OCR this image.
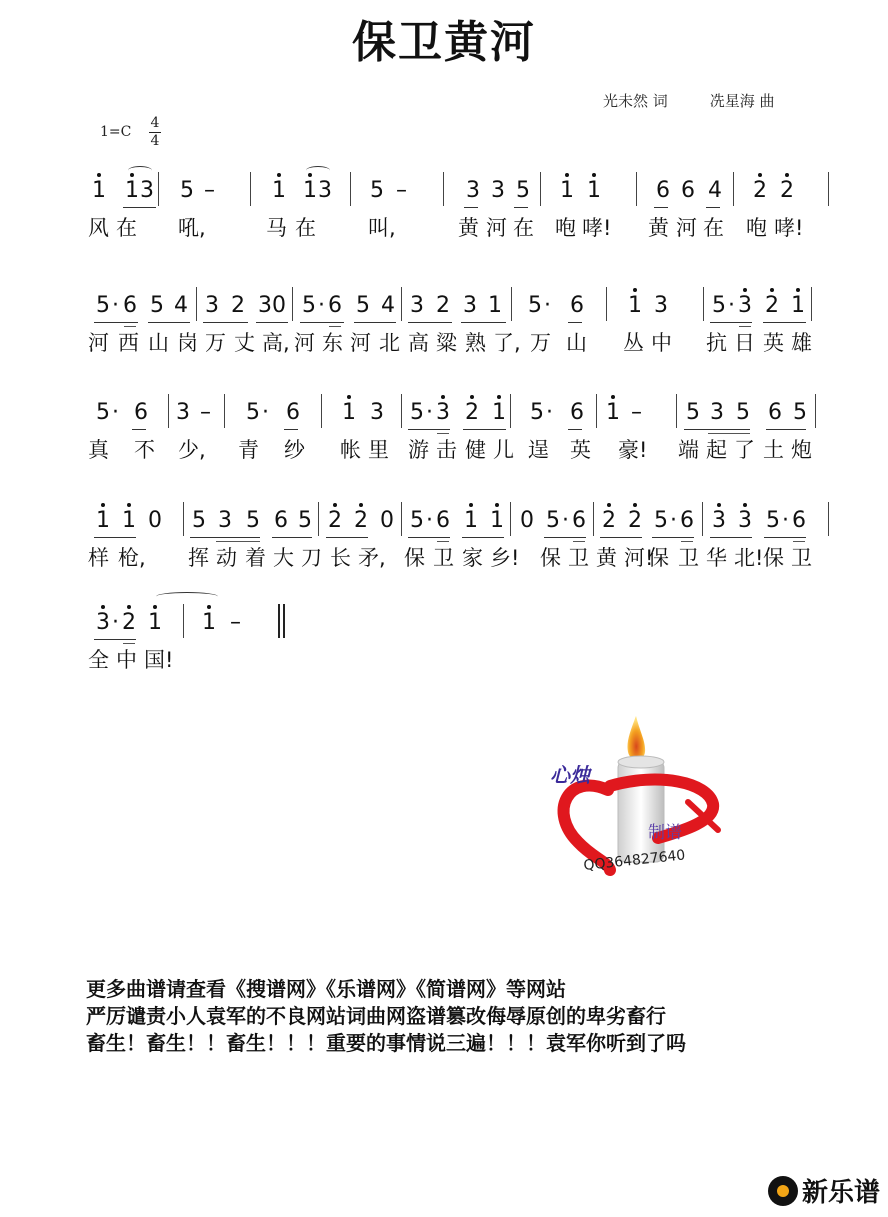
保卫黄河
光未然 词	冼星海 曲
1=C
4
4
1 1 3 5 –	1 1 3 5 –	3 3 5 1 1	6 6 4 2 2
风 在 吼,	马 在 叫,	黄 河 在 咆 哮! 黄 河 在 咆 哮!
5 · 6 5 4 3 2 3 0 5 · 6 5 4 3 2 3 1 5 · 6 1 3 5 · 3 2 1
河 西 山 岗 万 丈 高, 河 东 河 北 高 粱 熟 了, 万 山 丛 中 抗 日 英 雄
5 · 6 3 – 5 · 6 1 3 5 · 3 2 1 5 · 6 1 – 5 3 5 6 5
真 不 少, 青 纱 帐 里 游 击 健 儿 逞 英 豪! 端 起 了 土 炮
1 1 0 5 3 5 6 5 2 2 0 5 · 6 1 1 0 5 · 6 2 2 5 · 6 3 3 5 · 6
样 枪, 挥 动 着 大 刀 长 矛, 保 卫 家 乡! 保 卫 黄 河!
保 卫 华 北! 保 卫
3 · 2 1 1 –
全 中 国!
心烛
制谱
QQ364827640
更多曲谱请查看《搜谱网》《乐谱网》《简谱网》等网站
严厉谴责小人袁军的不良网站词曲网盗谱篡改侮辱原创的卑劣畜行
畜生！畜生！！畜生！！！重要的事情说三遍！！！袁军你听到了吗
新乐谱
